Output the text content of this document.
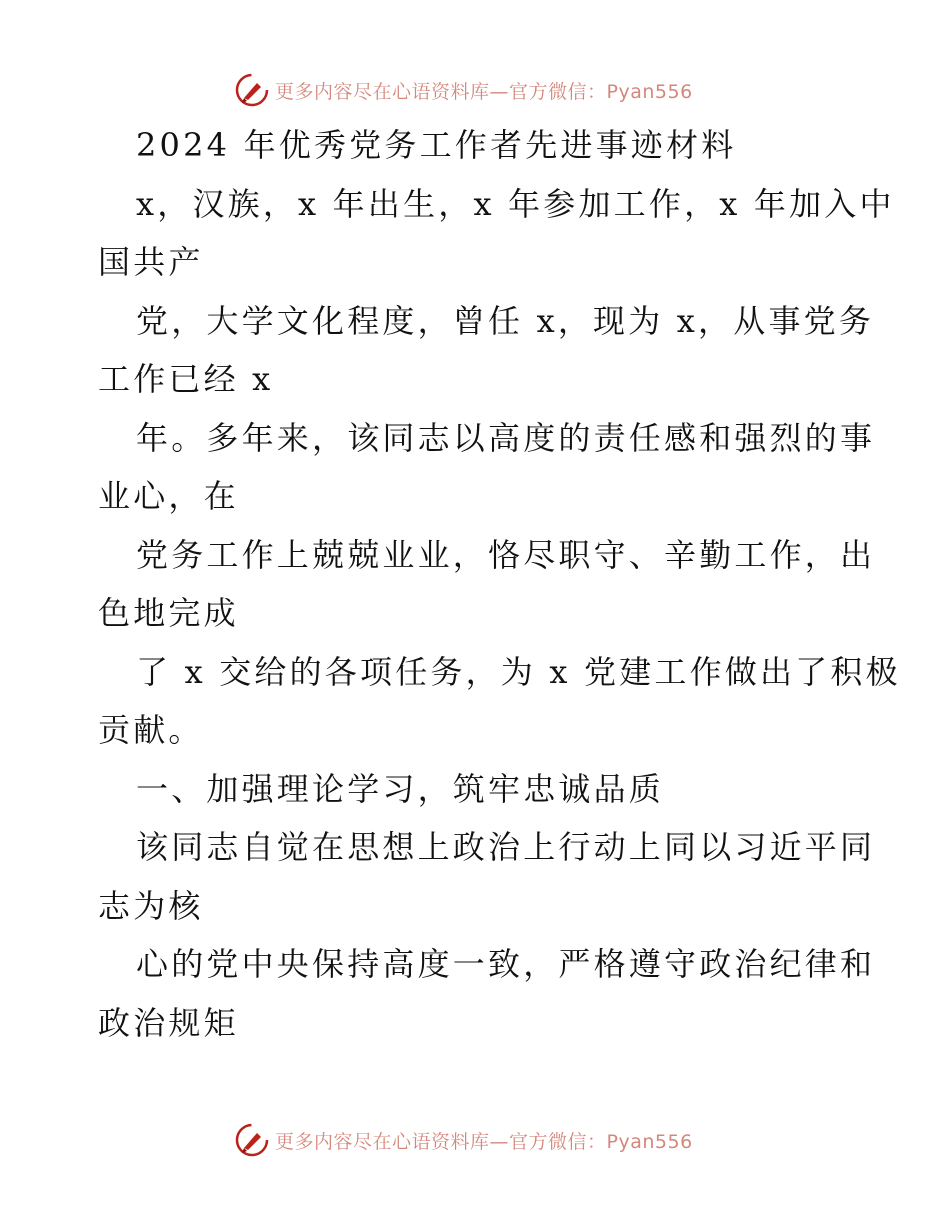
更多内容尽在心语资料库—官方微信：Pyan556
2024 年优秀党务工作者先进事迹材料
x，汉族，x 年出生，x 年参加工作，x 年加入中
国共产
党，大学文化程度，曾任 x，现为 x，从事党务
工作已经 x
年。多年来，该同志以高度的责任感和强烈的事
业心，在
党务工作上兢兢业业，恪尽职守、辛勤工作，出
色地完成
了 x 交给的各项任务，为 x 党建工作做出了积极
贡献。
一、加强理论学习，筑牢忠诚品质
该同志自觉在思想上政治上行动上同以习近平同
志为核
心的党中央保持高度一致，严格遵守政治纪律和
政治规矩
更多内容尽在心语资料库—官方微信：Pyan556
